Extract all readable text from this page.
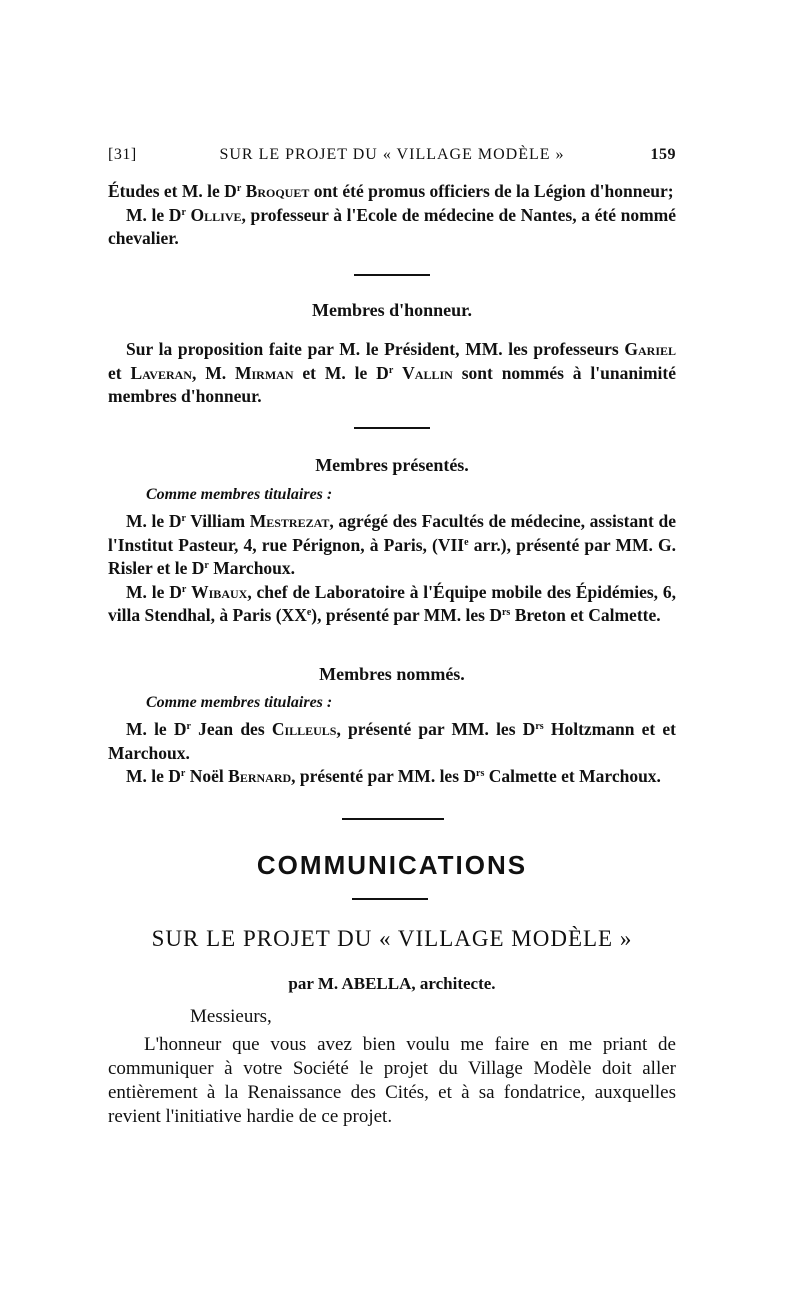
[31]	SUR LE PROJET DU « VILLAGE MODÈLE »	159

Études et M. le $D^r$ Broquet ont été promus officiers de la Légion d'honneur;

M. le $D^r$ Ollive, professeur à l'Ecole de médecine de Nantes, a été nommé chevalier.

Membres d'honneur.

Sur la proposition faite par M. le Président, MM. les professeurs Gariel et Laveran, M. Mirman et M. le $D^r$ Vallin sont nommés à l'unanimité membres d'honneur.

Membres présentés.

Comme membres titulaires :

M. le $D^r$ Villiam Mestrezat, agrégé des Facultés de médecine, assistant de l'Institut Pasteur, 4, rue Pérignon, à Paris, (VIIe arr.), présenté par MM. G. Risler et le $D^r$ Marchoux.

M. le $D^r$ Wibaux, chef de Laboratoire à l'Équipe mobile des Épidémies, 6, villa Stendhal, à Paris (XXe), présenté par MM. les $D^{rs}$ Breton et Calmette.

Membres nommés.

Comme membres titulaires :

M. le $D^r$ Jean des Cilleuls, présenté par MM. les $D^{rs}$ Holtzmann et et Marchoux.

M. le $D^r$ Noël Bernard, présenté par MM. les $D^{rs}$ Calmette et Marchoux.

COMMUNICATIONS
SUR LE PROJET DU « VILLAGE MODÈLE »
par M. ABELLA, architecte.
Messieurs,

L'honneur que vous avez bien voulu me faire en me priant de communiquer à votre Société le projet du Village Modèle doit aller entièrement à la Renaissance des Cités, et à sa fondatrice, auxquelles revient l'initiative hardie de ce projet.
